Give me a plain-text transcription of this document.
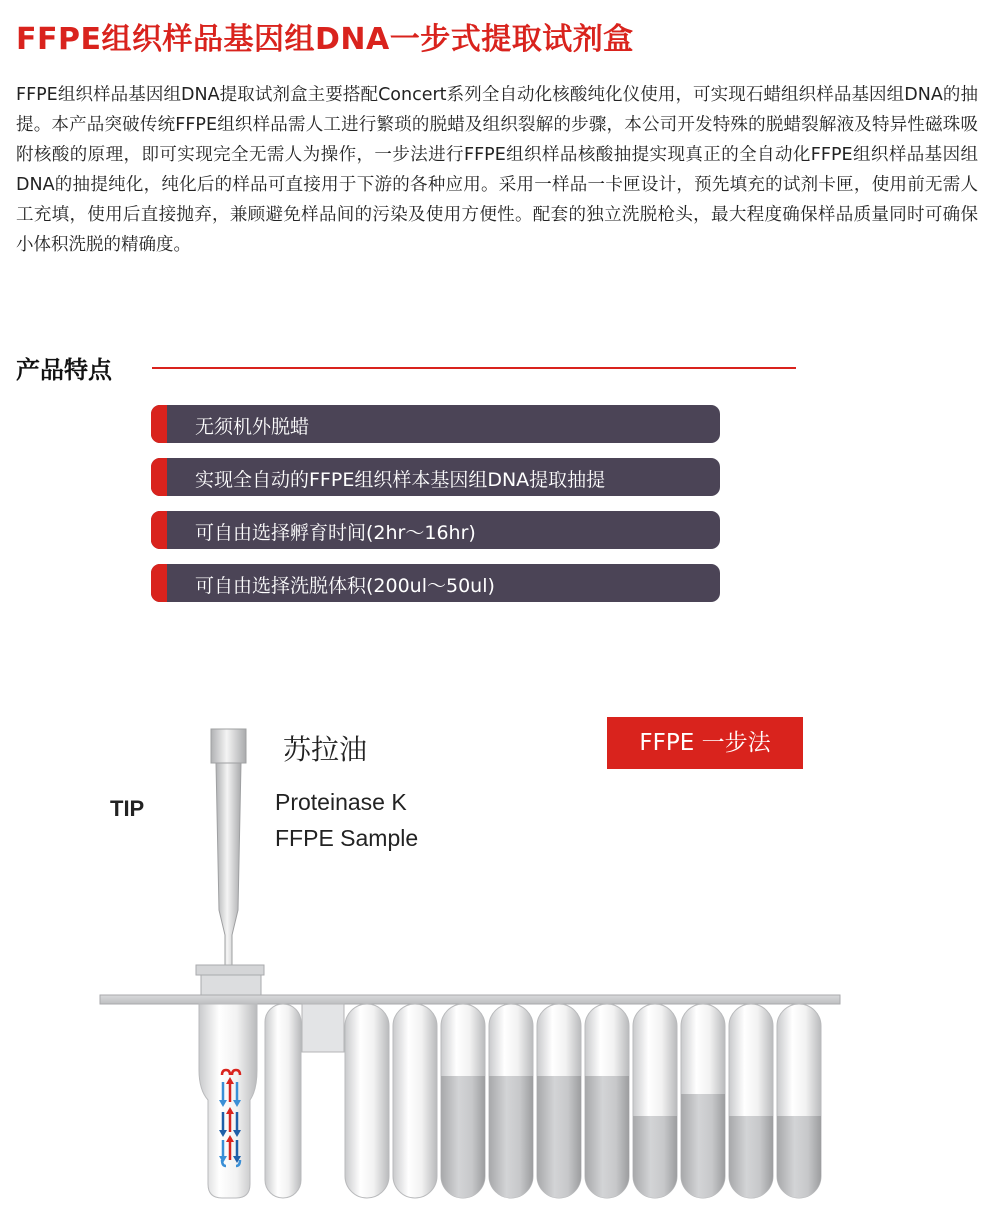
FFPE组织样品基因组DNA一步式提取试剂盒
FFPE组织样品基因组DNA提取试剂盒主要搭配Concert系列全自动化核酸纯化仪使用，可实现石蜡组织样品基因组DNA的抽提。本产品突破传统FFPE组织样品需人工进行繁琐的脱蜡及组织裂解的步骤，本公司开发特殊的脱蜡裂解液及特异性磁珠吸附核酸的原理，即可实现完全无需人为操作，一步法进行FFPE组织样品核酸抽提实现真正的全自动化FFPE组织样品基因组DNA的抽提纯化，纯化后的样品可直接用于下游的各种应用。采用一样品一卡匣设计，预先填充的试剂卡匣，使用前无需人工充填，使用后直接抛弃，兼顾避免样品间的污染及使用方便性。配套的独立洗脱枪头，最大程度确保样品质量同时可确保小体积洗脱的精确度。
产品特点
无须机外脱蜡
实现全自动的FFPE组织样本基因组DNA提取抽提
可自由选择孵育时间(2hr～16hr)
可自由选择洗脱体积(200ul～50ul)
FFPE 一步法
TIP
苏拉油
Proteinase K
FFPE Sample
